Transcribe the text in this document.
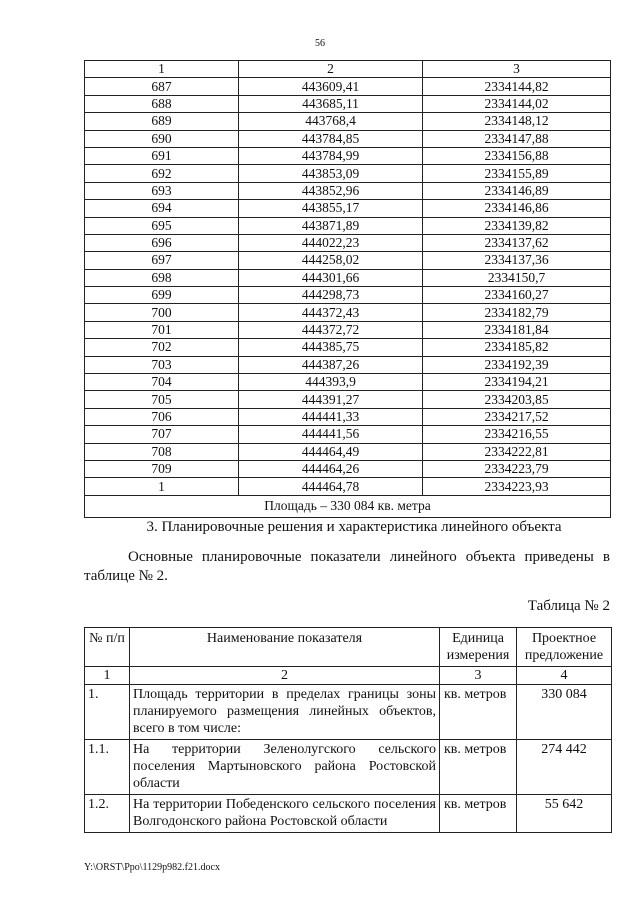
56
1	2	3
687	443609,41	2334144,82
688	443685,11	2334144,02
689	443768,4	2334148,12
690	443784,85	2334147,88
691	443784,99	2334156,88
692	443853,09	2334155,89
693	443852,96	2334146,89
694	443855,17	2334146,86
695	443871,89	2334139,82
696	444022,23	2334137,62
697	444258,02	2334137,36
698	444301,66	2334150,7
699	444298,73	2334160,27
700	444372,43	2334182,79
701	444372,72	2334181,84
702	444385,75	2334185,82
703	444387,26	2334192,39
704	444393,9	2334194,21
705	444391,27	2334203,85
706	444441,33	2334217,52
707	444441,56	2334216,55
708	444464,49	2334222,81
709	444464,26	2334223,79
1	444464,78	2334223,93
Площадь – 330 084 кв. метра		
3. Планировочные решения и характеристика линейного объекта
Основные планировочные показатели линейного объекта приведены в таблице № 2.
Таблица № 2
№ п/п	Наименование показателя	Единица измерения	Проектное предложение
1	2	3	4
1.	Площадь территории в пределах границы зоны планируемого размещения линейных объектов, всего в том числе:	кв. метров	330 084
1.1.	На территории Зеленолугского сельского поселения Мартыновского района Ростовской области	кв. метров	274 442
1.2.	На территории Победенского сельского поселения Волгодонского района Ростовской области	кв. метров	55 642
Y:\ORST\Ppo\1129p982.f21.docx
